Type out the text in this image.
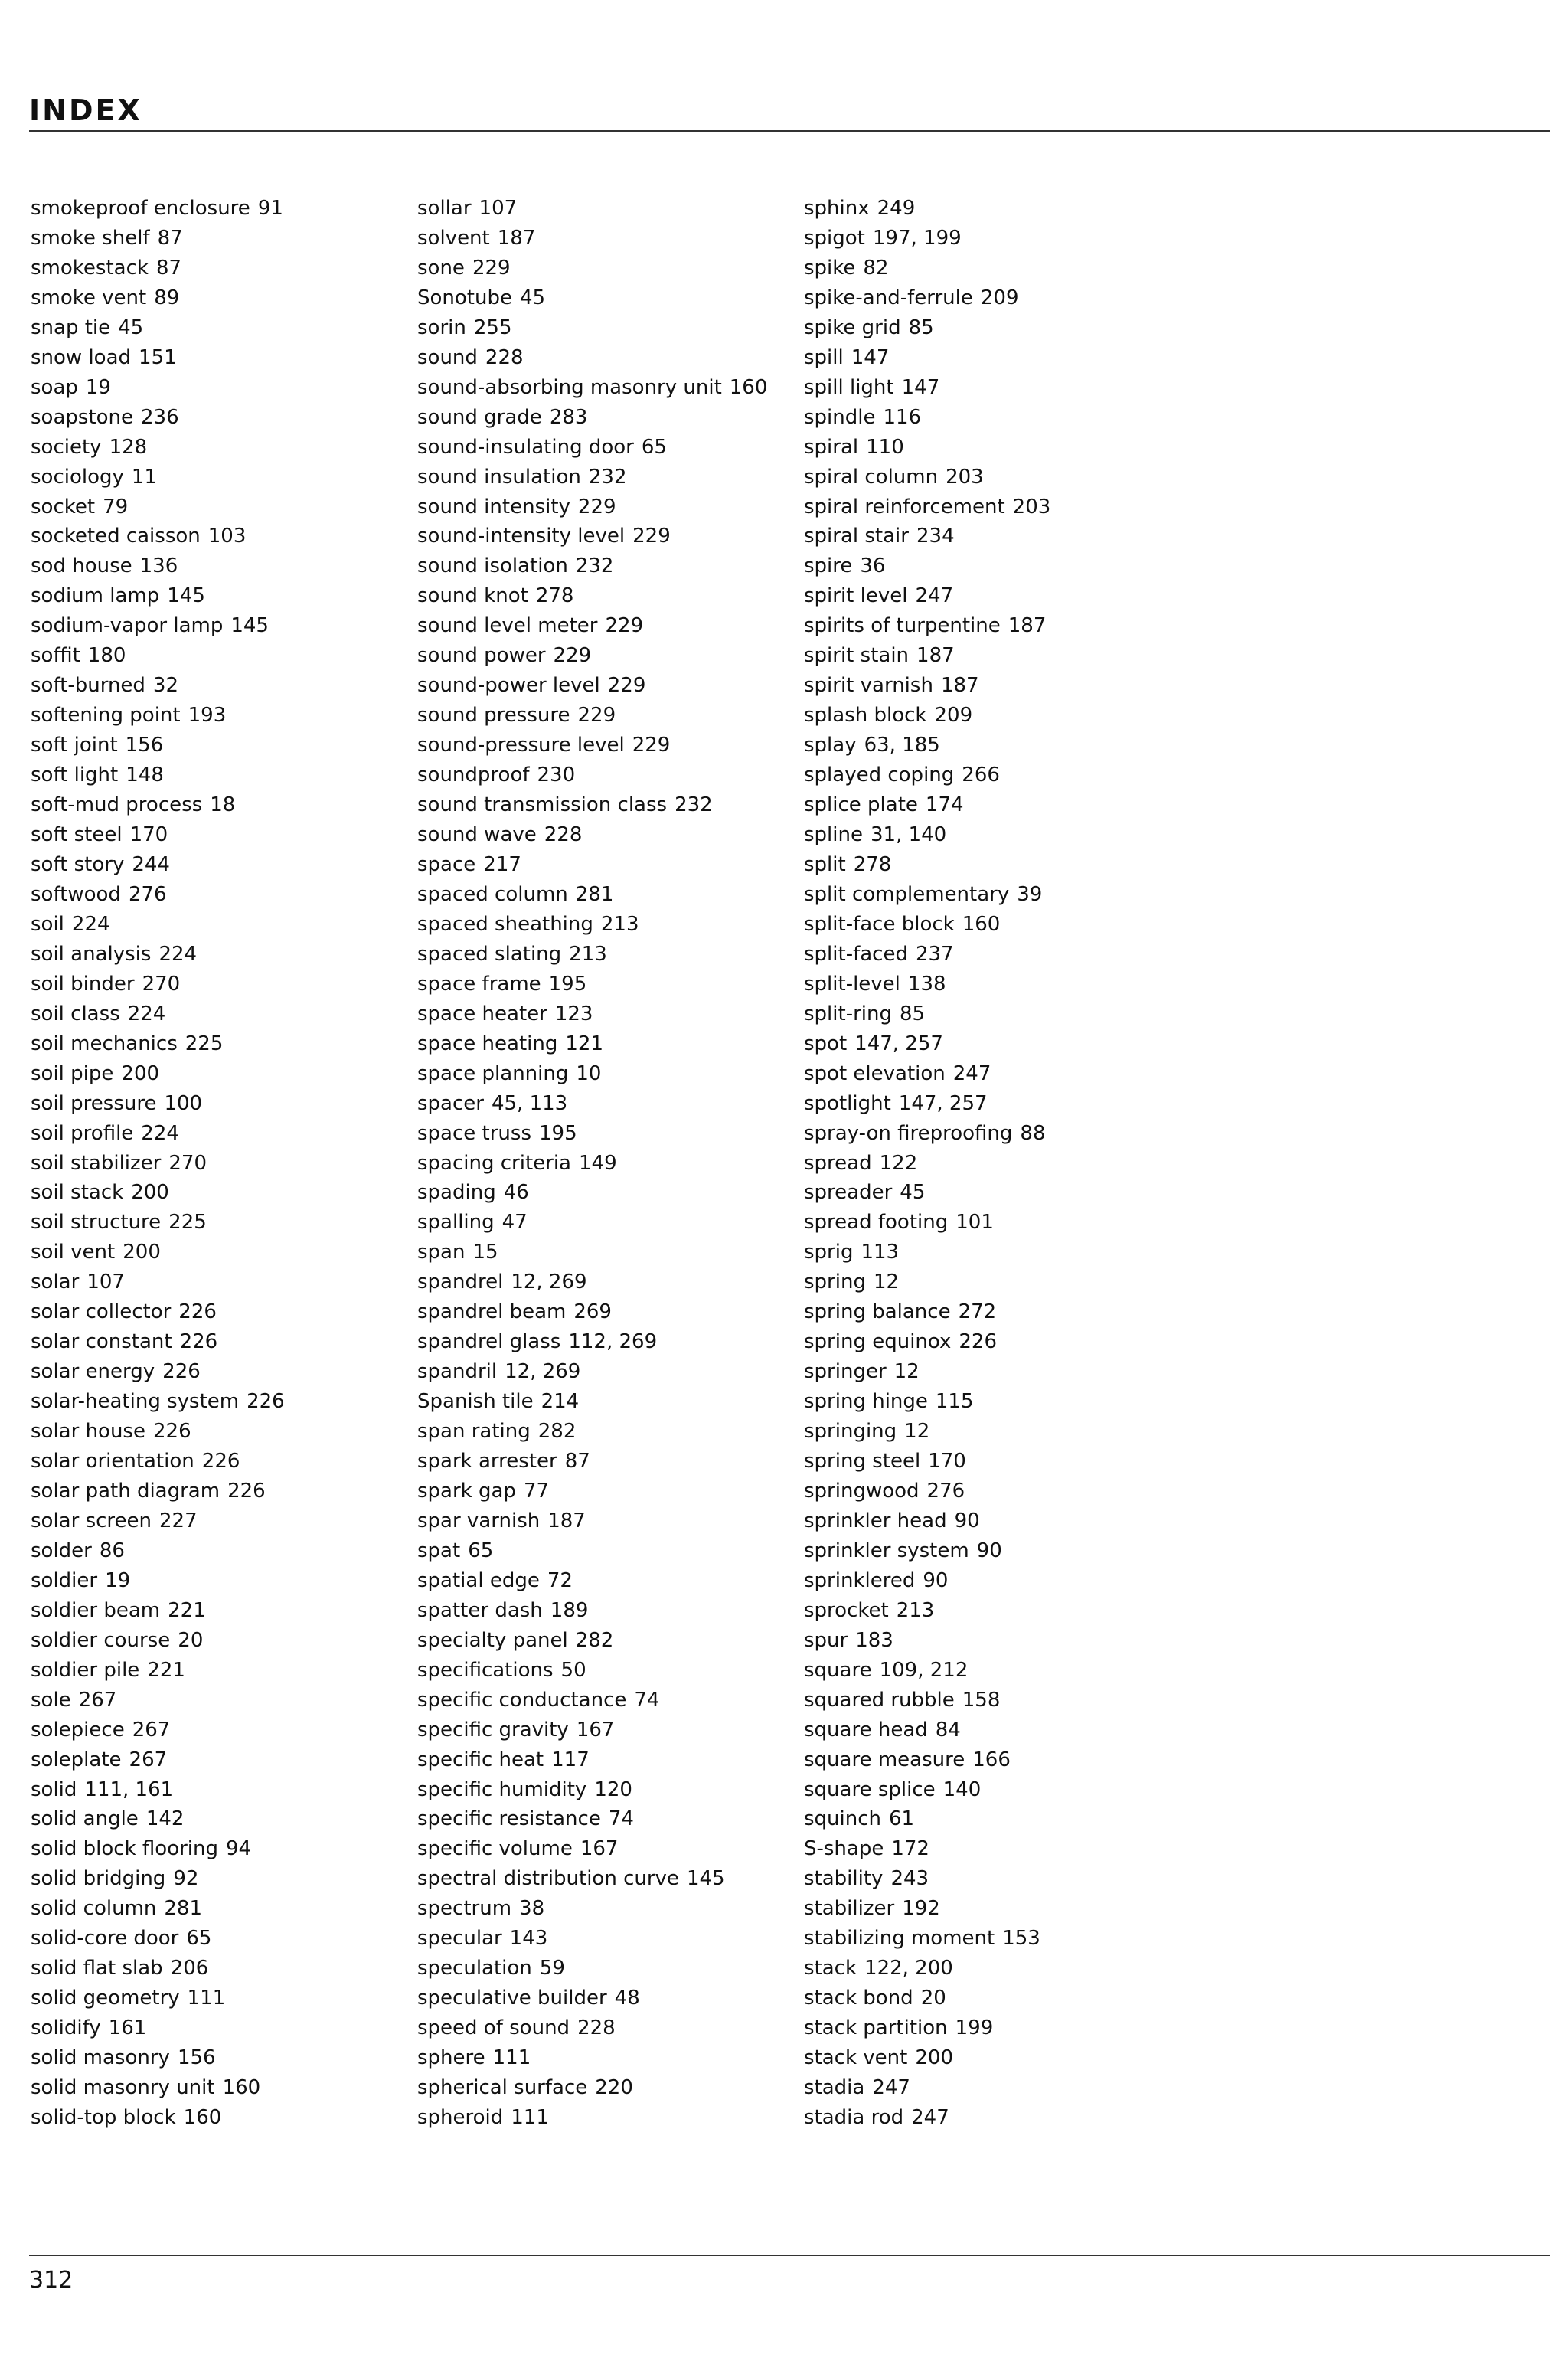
INDEX
smokeproof enclosure 91
smoke shelf 87
smokestack 87
smoke vent 89
snap tie 45
snow load 151
soap 19
soapstone 236
society 128
sociology 11
socket 79
socketed caisson 103
sod house 136
sodium lamp 145
sodium-vapor lamp 145
soffit 180
soft-burned 32
softening point 193
soft joint 156
soft light 148
soft-mud process 18
soft steel 170
soft story 244
softwood 276
soil 224
soil analysis 224
soil binder 270
soil class 224
soil mechanics 225
soil pipe 200
soil pressure 100
soil profile 224
soil stabilizer 270
soil stack 200
soil structure 225
soil vent 200
solar 107
solar collector 226
solar constant 226
solar energy 226
solar-heating system 226
solar house 226
solar orientation 226
solar path diagram 226
solar screen 227
solder 86
soldier 19
soldier beam 221
soldier course 20
soldier pile 221
sole 267
solepiece 267
soleplate 267
solid 111, 161
solid angle 142
solid block flooring 94
solid bridging 92
solid column 281
solid-core door 65
solid flat slab 206
solid geometry 111
solidify 161
solid masonry 156
solid masonry unit 160
solid-top block 160
sollar 107
solvent 187
sone 229
Sonotube 45
sorin 255
sound 228
sound-absorbing masonry unit 160
sound grade 283
sound-insulating door 65
sound insulation 232
sound intensity 229
sound-intensity level 229
sound isolation 232
sound knot 278
sound level meter 229
sound power 229
sound-power level 229
sound pressure 229
sound-pressure level 229
soundproof 230
sound transmission class 232
sound wave 228
space 217
spaced column 281
spaced sheathing 213
spaced slating 213
space frame 195
space heater 123
space heating 121
space planning 10
spacer 45, 113
space truss 195
spacing criteria 149
spading 46
spalling 47
span 15
spandrel 12, 269
spandrel beam 269
spandrel glass 112, 269
spandril 12, 269
Spanish tile 214
span rating 282
spark arrester 87
spark gap 77
spar varnish 187
spat 65
spatial edge 72
spatter dash 189
specialty panel 282
specifications 50
specific conductance 74
specific gravity 167
specific heat 117
specific humidity 120
specific resistance 74
specific volume 167
spectral distribution curve 145
spectrum 38
specular 143
speculation 59
speculative builder 48
speed of sound 228
sphere 111
spherical surface 220
spheroid 111
sphinx 249
spigot 197, 199
spike 82
spike-and-ferrule 209
spike grid 85
spill 147
spill light 147
spindle 116
spiral 110
spiral column 203
spiral reinforcement 203
spiral stair 234
spire 36
spirit level 247
spirits of turpentine 187
spirit stain 187
spirit varnish 187
splash block 209
splay 63, 185
splayed coping 266
splice plate 174
spline 31, 140
split 278
split complementary 39
split-face block 160
split-faced 237
split-level 138
split-ring 85
spot 147, 257
spot elevation 247
spotlight 147, 257
spray-on fireproofing 88
spread 122
spreader 45
spread footing 101
sprig 113
spring 12
spring balance 272
spring equinox 226
springer 12
spring hinge 115
springing 12
spring steel 170
springwood 276
sprinkler head 90
sprinkler system 90
sprinklered 90
sprocket 213
spur 183
square 109, 212
squared rubble 158
square head 84
square measure 166
square splice 140
squinch 61
S-shape 172
stability 243
stabilizer 192
stabilizing moment 153
stack 122, 200
stack bond 20
stack partition 199
stack vent 200
stadia 247
stadia rod 247
312
